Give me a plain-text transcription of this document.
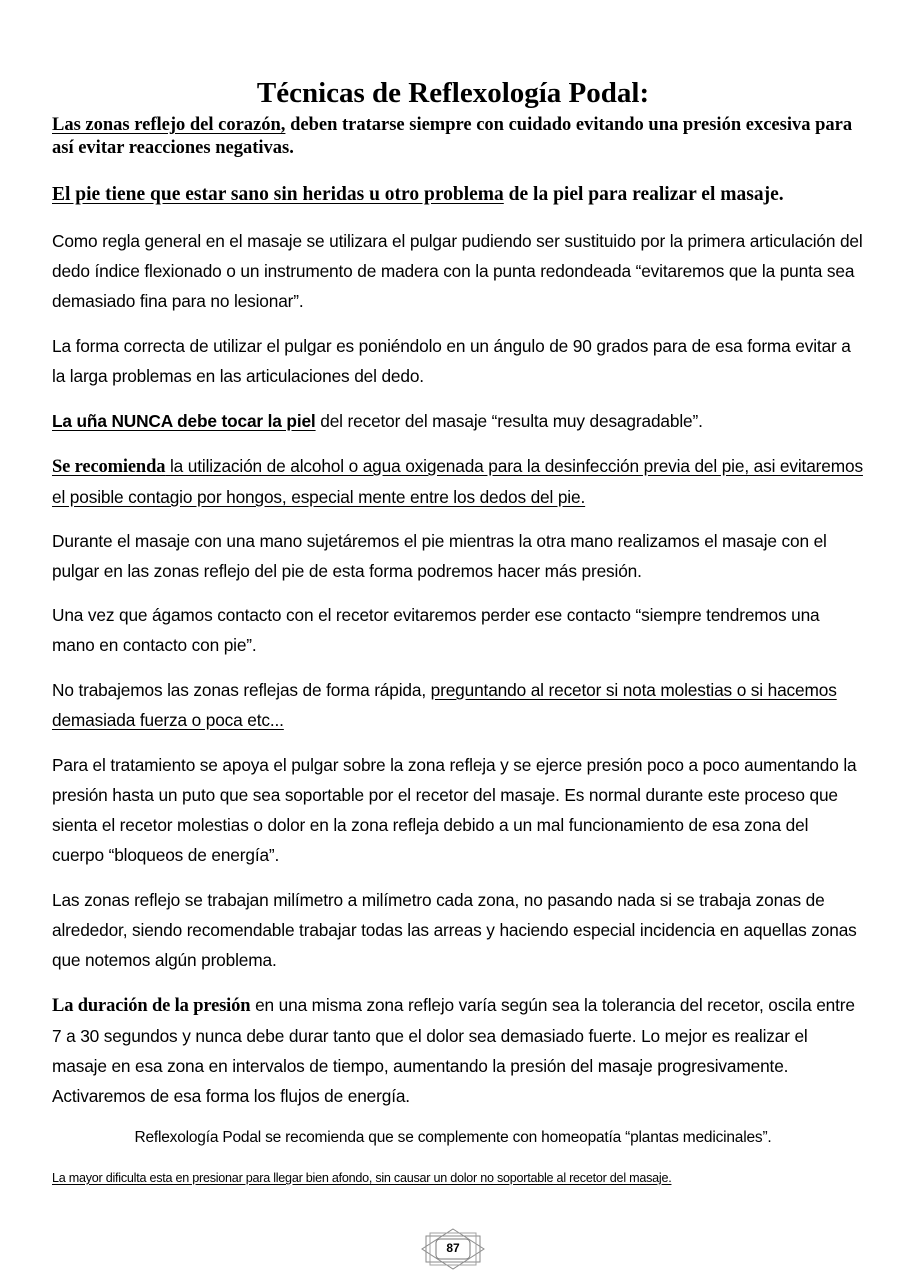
Técnicas de Reflexología Podal:

Las zonas reflejo del corazón, deben tratarse siempre con cuidado evitando una presión excesiva para así evitar reacciones negativas.

El pie tiene que estar sano sin heridas u otro problema de la piel para realizar el masaje.

Como regla general en el masaje se utilizara el pulgar pudiendo ser sustituido por la primera articulación del dedo índice flexionado o un instrumento de madera con la punta redondeada “evitaremos que la punta sea demasiado fina para no lesionar”.

La forma correcta de utilizar el pulgar es poniéndolo en un ángulo de 90 grados para de esa forma evitar a la larga problemas en las articulaciones del dedo.

La uña NUNCA debe tocar la piel del recetor del masaje “resulta muy desagradable”.

Se recomienda la utilización de alcohol o agua oxigenada para la desinfección previa del pie, asi evitaremos el posible contagio por hongos, especial mente entre los dedos del pie.

Durante el masaje con una mano sujetáremos el pie mientras la otra mano realizamos el masaje con el pulgar en las zonas reflejo del pie de esta forma podremos hacer más presión.

Una vez que ágamos contacto con el recetor evitaremos perder ese contacto “siempre tendremos una mano en contacto con pie”.

No trabajemos las zonas reflejas de forma rápida, preguntando al recetor si nota molestias o si hacemos demasiada fuerza o poca etc...

Para el tratamiento se apoya el pulgar sobre la zona refleja y se ejerce presión poco a poco aumentando la presión hasta un puto que sea soportable por el recetor del masaje. Es normal durante este proceso que sienta el recetor molestias o dolor en la zona refleja debido a un mal funcionamiento de esa zona del cuerpo “bloqueos de energía”.

Las zonas reflejo se trabajan milímetro a milímetro cada zona, no pasando nada si se trabaja zonas de alrededor, siendo recomendable trabajar todas las arreas y haciendo especial incidencia en aquellas zonas que notemos algún problema.

La duración de la presión en una misma zona reflejo varía según sea la tolerancia del recetor, oscila entre 7 a 30 segundos y nunca debe durar tanto que el dolor sea demasiado fuerte. Lo mejor es realizar el masaje en esa zona en intervalos de tiempo, aumentando la presión del masaje progresivamente. Activaremos de esa forma los flujos de energía.

Reflexología Podal se recomienda que se complemente con homeopatía “plantas medicinales”.

La mayor dificulta esta en presionar para llegar bien afondo, sin causar un dolor no soportable al recetor del masaje.

87
